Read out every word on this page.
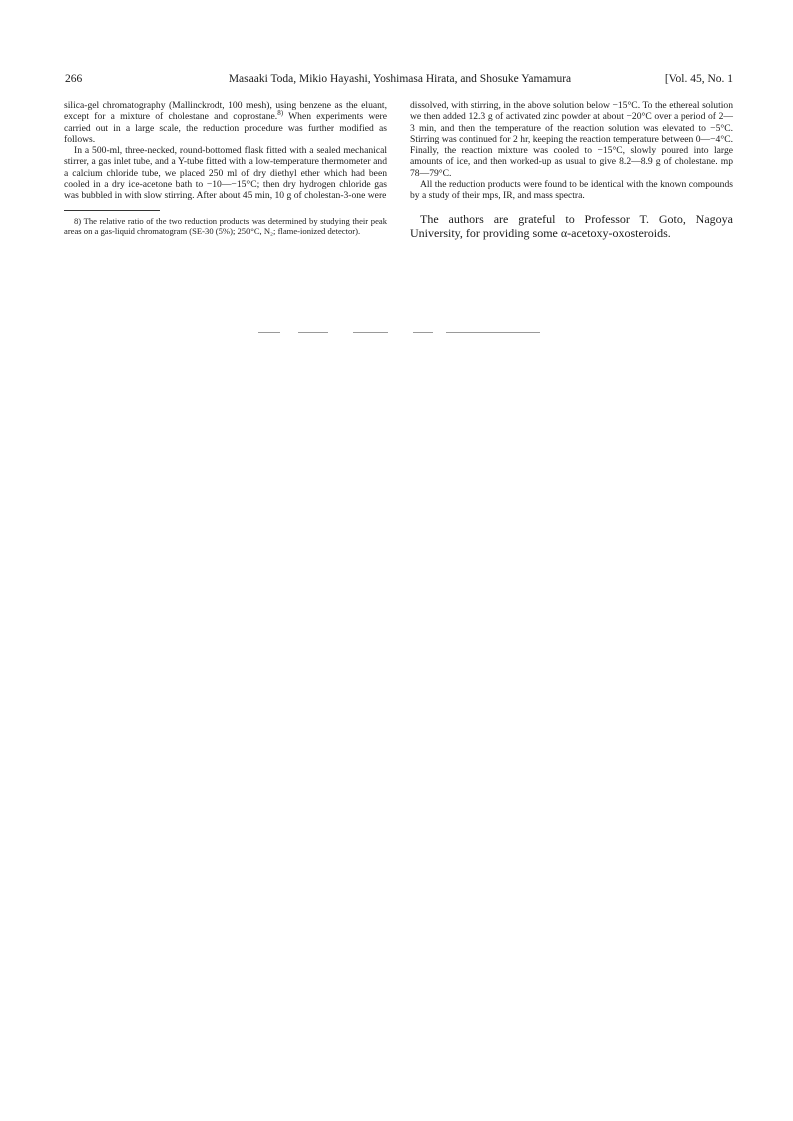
266	Masaaki Toda, Mikio Hayashi, Yoshimasa Hirata, and Shosuke Yamamura	[Vol. 45, No. 1

silica-gel chromatography (Mallinckrodt, 100 mesh), using benzene as the eluant, except for a mixture of cholestane and coprostane.$^{8)}$ When experiments were carried out in a large scale, the reduction procedure was further modified as follows.

In a 500-ml, three-necked, round-bottomed flask fitted with a sealed mechanical stirrer, a gas inlet tube, and a Y-tube fitted with a low-temperature thermometer and a calcium chloride tube, we placed 250 ml of dry diethyl ether which had been cooled in a dry ice-acetone bath to −10—−15°C; then dry hydrogen chloride gas was bubbled in with slow stirring. After about 45 min, 10 g of cholestan-3-one were

8) The relative ratio of the two reduction products was determined by studying their peak areas on a gas-liquid chromatogram (SE-30 (5%); 250°C, N₂; flame-ionized detector).

dissolved, with stirring, in the above solution below −15°C. To the ethereal solution we then added 12.3 g of activated zinc powder at about −20°C over a period of 2—3 min, and then the temperature of the reaction solution was elevated to −5°C. Stirring was continued for 2 hr, keeping the reaction temperature between 0—−4°C. Finally, the reaction mixture was cooled to −15°C, slowly poured into large amounts of ice, and then worked-up as usual to give 8.2—8.9 g of cholestane. mp 78—79°C.

All the reduction products were found to be identical with the known compounds by a study of their mps, IR, and mass spectra.

The authors are grateful to Professor T. Goto, Nagoya University, for providing some α-acetoxy-oxosteroids.
